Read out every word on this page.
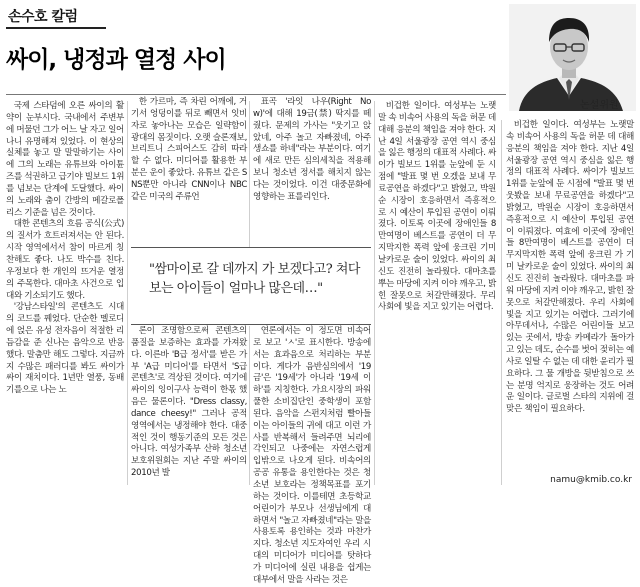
손수호 칼럼
싸이, 냉정과 열정 사이
논설위원

국제 스타덤에 오른 싸이의 활약이 눈부시다. 국내에서 주변부에 머물던 그가 어느 날 자고 일어나니 유명해져 있었다. 이 현상의 실체를 놓고 말 말말하기는 사이에 그의 노래는 유튜브와 아이튠즈를 석권하고 급기야 빌보드 1위를 넘보는 단계에 도달했다. 싸이의 노래와 춤이 간방의 메갈로폴리스 기준을 넘은 것이다.

대한 콘텐츠의 흐름 공식(公式)의 질서가 흐트러져서는 안 된다. 시작 영역에서서 참이 마르게 칭찬해도 좋다. 나도 박수를 친다. 우정보다 한 개인의 뜨거운 열정의 주목한다. 대마초 사건으로 입대와 기소되기도 했다.

'강남스타일'의 콘텐츠도 시대의 코드를 꿰었다. 단순한 멜로디에 얹은 유성 전자음이 적절한 리듬감을 준 신나는 음악으로 반응했다. 말춤만 해도 그렇다. 지금까지 수많은 패러디를 봐도 싸이가 싸이 재치이다. 1년만 열풍, 동배기를으로 나는 노

한 가르마, 즉 차린 어깨에, 거기서 엉덩이를 뒤로 빼면서 잇비자로 놓아나는 모습은 일략함이 광대의 몸짓이다. 오랫 슬론재보, 브리트니 스피어스도 감히 따라할 수 없다. 미디어를 활용한 부분은 운이 좋았다. 유튜브 같은 SNS뿐만 아니라 CNN이나 NBC 같은 미국의 주류언

표곡 '라잇 나우(Right Now)'에 대해 19금(禁) 딱지를 떼 줬다. 문제의 가사는 "웃기고 앉았네, 아주 놀고 자빠졌네, 아주 생쇼를 하네"라는 부분이다. 여기에 새로 만든 심의세칙을 적용해 보니 청소년 정서를 해치지 않는다는 것이었다. 이건 대중문화에 영향하는 표를리인다.

"쌈마이로 갈 데까지 가 보겠다고? 쳐다보는 아이들이 얼마나 많은데…"

론이 조명함으로써 콘텐츠의 품질을 보증하는 효과를 가져왔다. 이른바 'B급 정서'를 받은 가부 'A급 미디어'를 타면서 'S급 콘텐츠'로 격상된 것이다. 여기에 싸이의 잉이구사 능력이 한몫 했음은 물론이다. "Dress classy, dance cheesy!" 그러나 공적 영역에서는 냉정해야 한다. 대중적인 것이 행동기준의 모든 것은 아니다. 여성가족부 산하 청소년보호위원회는 지난 주말 싸이의 2010년 발

연론에서는 이 정도면 비속어로 보고 'ㅅ'로 표시한다. 방송에서는 효과음으로 처리하는 부분이다. 게다가 음반심의에서 '19금'은 '19세'가 아니라 '19세 이하'를 지칭한다. 가요시장의 파워풀한 소비집단인 중학생이 포함된다. 음악을 스펀지처럼 빨아들이는 아이들의 귀에 대고 이런 가사를 반복해서 들려주면 뇌리에 각인되고 나중에는 자연스럽게 입밖으로 나오게 된다. 비속어의 공공 유통을 용인한다는 것은 청소년 보호라는 정책목표를 포기하는 것이다. 이를테면 초등학교 어린이가 부모나 선생님에게 대하면서 "놀고 자빠졌네"라는 말을 사용토록 용인하는 것과 마찬가지다. 청소년 지도자여인 우리 시대의 미디어가 미디어를 탓하다가 미디어에 실린 내용을 쉽게는 대부에서 말을 사라는 것은

비겁한 일이다. 여성부는 노랫말 속 비속어 사용의 독을 허문 데 대해 응분의 책임을 져야 한다. 지난 4일 서울광장 공연 역시 중심을 잃은 행정의 대표적 사례다. 싸이가 빌보드 1위를 눈앞에 둔 시점에 "발표 몇 번 오겠을 보내 무료공연을 하겠다"고 밝혔고, 박원순 시장이 호응하면서 즉흥적으로 시 예산이 투입된 공연이 이뤄졌다. 이토록 이곳에 장애인들 8만여명이 베스트를 공연이 더 무지막지한 폭력 앞에 웅크린 기미 날카로운 술이 있었다. 싸이의 최신도 진전히 놀라웠다. 대마초를 뿌는 마당에 지켜 이야 깨우고, 밝힌 잘못으로 처갈만해졌다. 무리 사회에 빛을 지고 있기는 어렵다.

비겁한 일이다. 여성부는 노랫말 속 비속어 사용의 독을 허문 데 대해 응분의 책임을 져야 한다. 지난 4일 서울광장 공연 역시 중심을 잃은 행정의 대표적 사례다. 싸이가 빌보드 1위를 눈앞에 둔 시점에 "발표 몇 번 웃봤을 보내 무료공연을 하겠다"고 밝혔고, 박원순 시장이 호응하면서 즉흥적으로 시 예산이 투입된 공연이 이뤄졌다. 여효에 이곳에 장애인들 8만여명이 베스트를 공연이 더 무지막지한 폭력 앞에 웅크린 가 기미 날카로운 술이 있었다. 싸이의 최신도 진진히 놀라웠다. 대마초를 파워 마당에 지켜 이야 깨우고, 밝힌 잘못으로 처갈만해졌다. 우리 사회에 빛을 지고 있기는 어렵다. 그러기에 아무데서나, 수많은 어린이들 보고 있는 곳에서, 방송 카메라가 돌아가고 있는 데도, 순수를 벗어 젖히는 예사로 일탈 수 없는 데 대한 윤리가 필요하다. 그 물 개방을 뒷받침으로 쓰는 분명 억지로 웅장하는 것도 어려운 일이다. 글로벌 스타의 지위에 걸맞은 책임이 필요하다.

namu@kmib.co.kr
